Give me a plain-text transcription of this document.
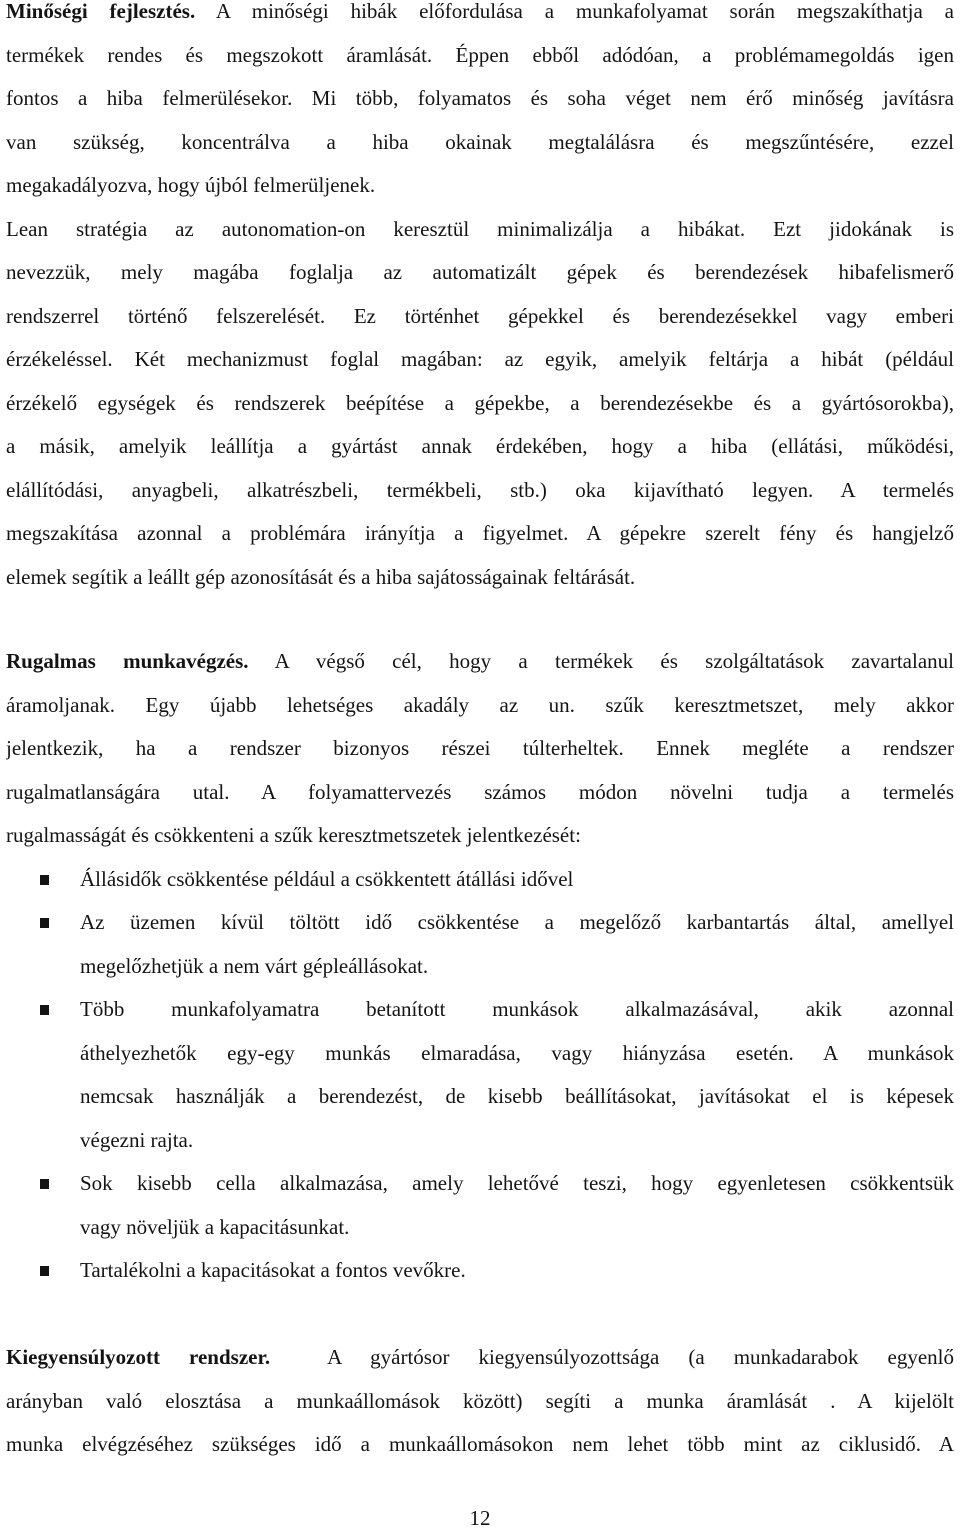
Minőségi fejlesztés. A minőségi hibák előfordulása a munkafolyamat során megszakíthatja a
termékek rendes és megszokott áramlását. Éppen ebből adódóan, a problémamegoldás igen
fontos a hiba felmerülésekor. Mi több, folyamatos és soha véget nem érő minőség javításra
van szükség, koncentrálva a hiba okainak megtalálásra és megszűntésére, ezzel
megakadályozva, hogy újból felmerüljenek.
Lean stratégia az autonomation-on keresztül minimalizálja a hibákat. Ezt jidokának is
nevezzük, mely magába foglalja az automatizált gépek és berendezések hibafelismerő
rendszerrel történő felszerelését. Ez történhet gépekkel és berendezésekkel vagy emberi
érzékeléssel. Két mechanizmust foglal magában: az egyik, amelyik feltárja a hibát (például
érzékelő egységek és rendszerek beépítése a gépekbe, a berendezésekbe és a gyártósorokba),
a másik, amelyik leállítja a gyártást annak érdekében, hogy a hiba (ellátási, működési,
elállítódási, anyagbeli, alkatrészbeli, termékbeli, stb.) oka kijavítható legyen. A termelés
megszakítása azonnal a problémára irányítja a figyelmet. A gépekre szerelt fény és hangjelző
elemek segítik a leállt gép azonosítását és a hiba sajátosságainak feltárását.
Rugalmas munkavégzés. A végső cél, hogy a termékek és szolgáltatások zavartalanul
áramoljanak. Egy újabb lehetséges akadály az un. szűk keresztmetszet, mely akkor
jelentkezik, ha a rendszer bizonyos részei túlterheltek. Ennek megléte a rendszer
rugalmatlanságára utal. A folyamattervezés számos módon növelni tudja a termelés
rugalmasságát és csökkenteni a szűk keresztmetszetek jelentkezését:
Állásidők csökkentése például a csökkentett átállási idővel
Az üzemen kívül töltött idő csökkentése a megelőző karbantartás által, amellyel
megelőzhetjük a nem várt gépleállásokat.
Több munkafolyamatra betanított munkások alkalmazásával, akik azonnal
áthelyezhetők egy-egy munkás elmaradása, vagy hiányzása esetén. A munkások
nemcsak használják a berendezést, de kisebb beállításokat, javításokat el is képesek
végezni rajta.
Sok kisebb cella alkalmazása, amely lehetővé teszi, hogy egyenletesen csökkentsük
vagy növeljük a kapacitásunkat.
Tartalékolni a kapacitásokat a fontos vevőkre.
Kiegyensúlyozott rendszer.  A gyártósor kiegyensúlyozottsága (a munkadarabok egyenlő
arányban való elosztása a munkaállomások között) segíti a munka áramlását . A kijelölt
munka elvégzéséhez szükséges idő a munkaállomásokon nem lehet több mint az ciklusidő. A
12
